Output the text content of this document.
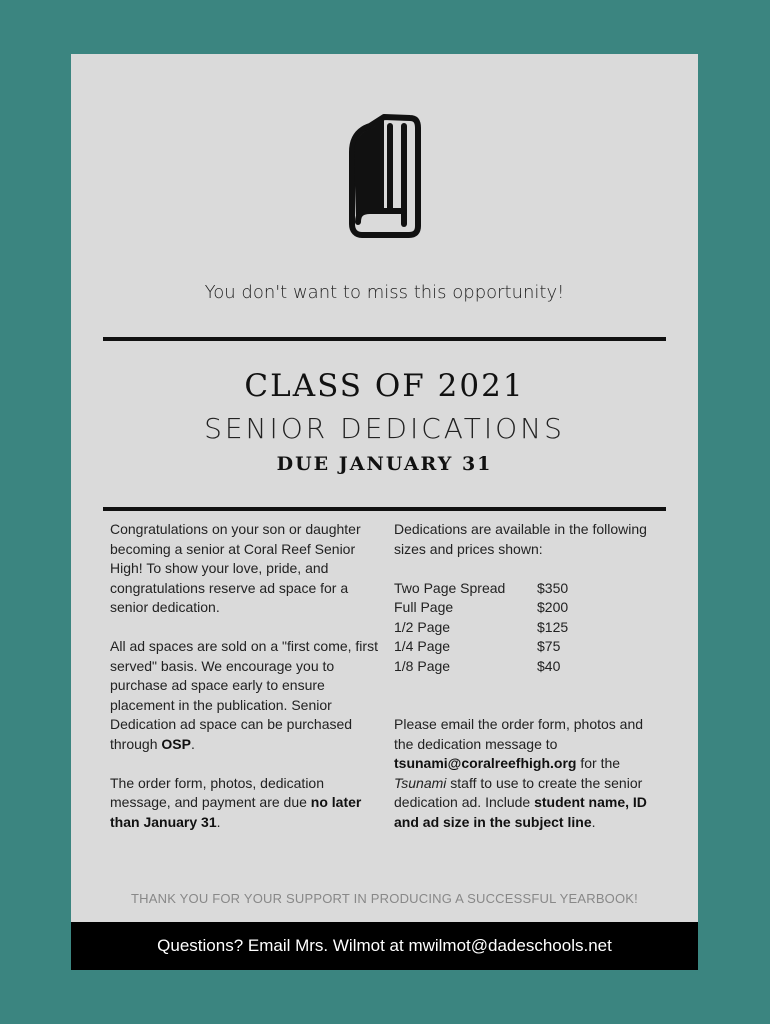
You don't want to miss this opportunity!
CLASS OF 2021
SENIOR DEDICATIONS
DUE JANUARY 31

Congratulations on your son or daughter becoming a senior at Coral Reef Senior High! To show your love, pride, and congratulations reserve ad space for a senior dedication.

All ad spaces are sold on a "first come, first served" basis. We encourage you to purchase ad space early to ensure placement in the publication. Senior Dedication ad space can be purchased through OSP.

The order form, photos, dedication message, and payment are due no later than January 31.

Dedications are available in the following sizes and prices shown:

Two Page Spread	$350
Full Page	$200
1/2 Page	$125
1/4 Page	$75
1/8 Page	$40

Please email the order form, photos and the dedication message to tsunami@coralreefhigh.org for the Tsunami staff to use to create the senior dedication ad. Include student name, ID and ad size in the subject line.

THANK YOU FOR YOUR SUPPORT IN PRODUCING A SUCCESSFUL YEARBOOK!
Questions? Email Mrs. Wilmot at mwilmot@dadeschools.net
